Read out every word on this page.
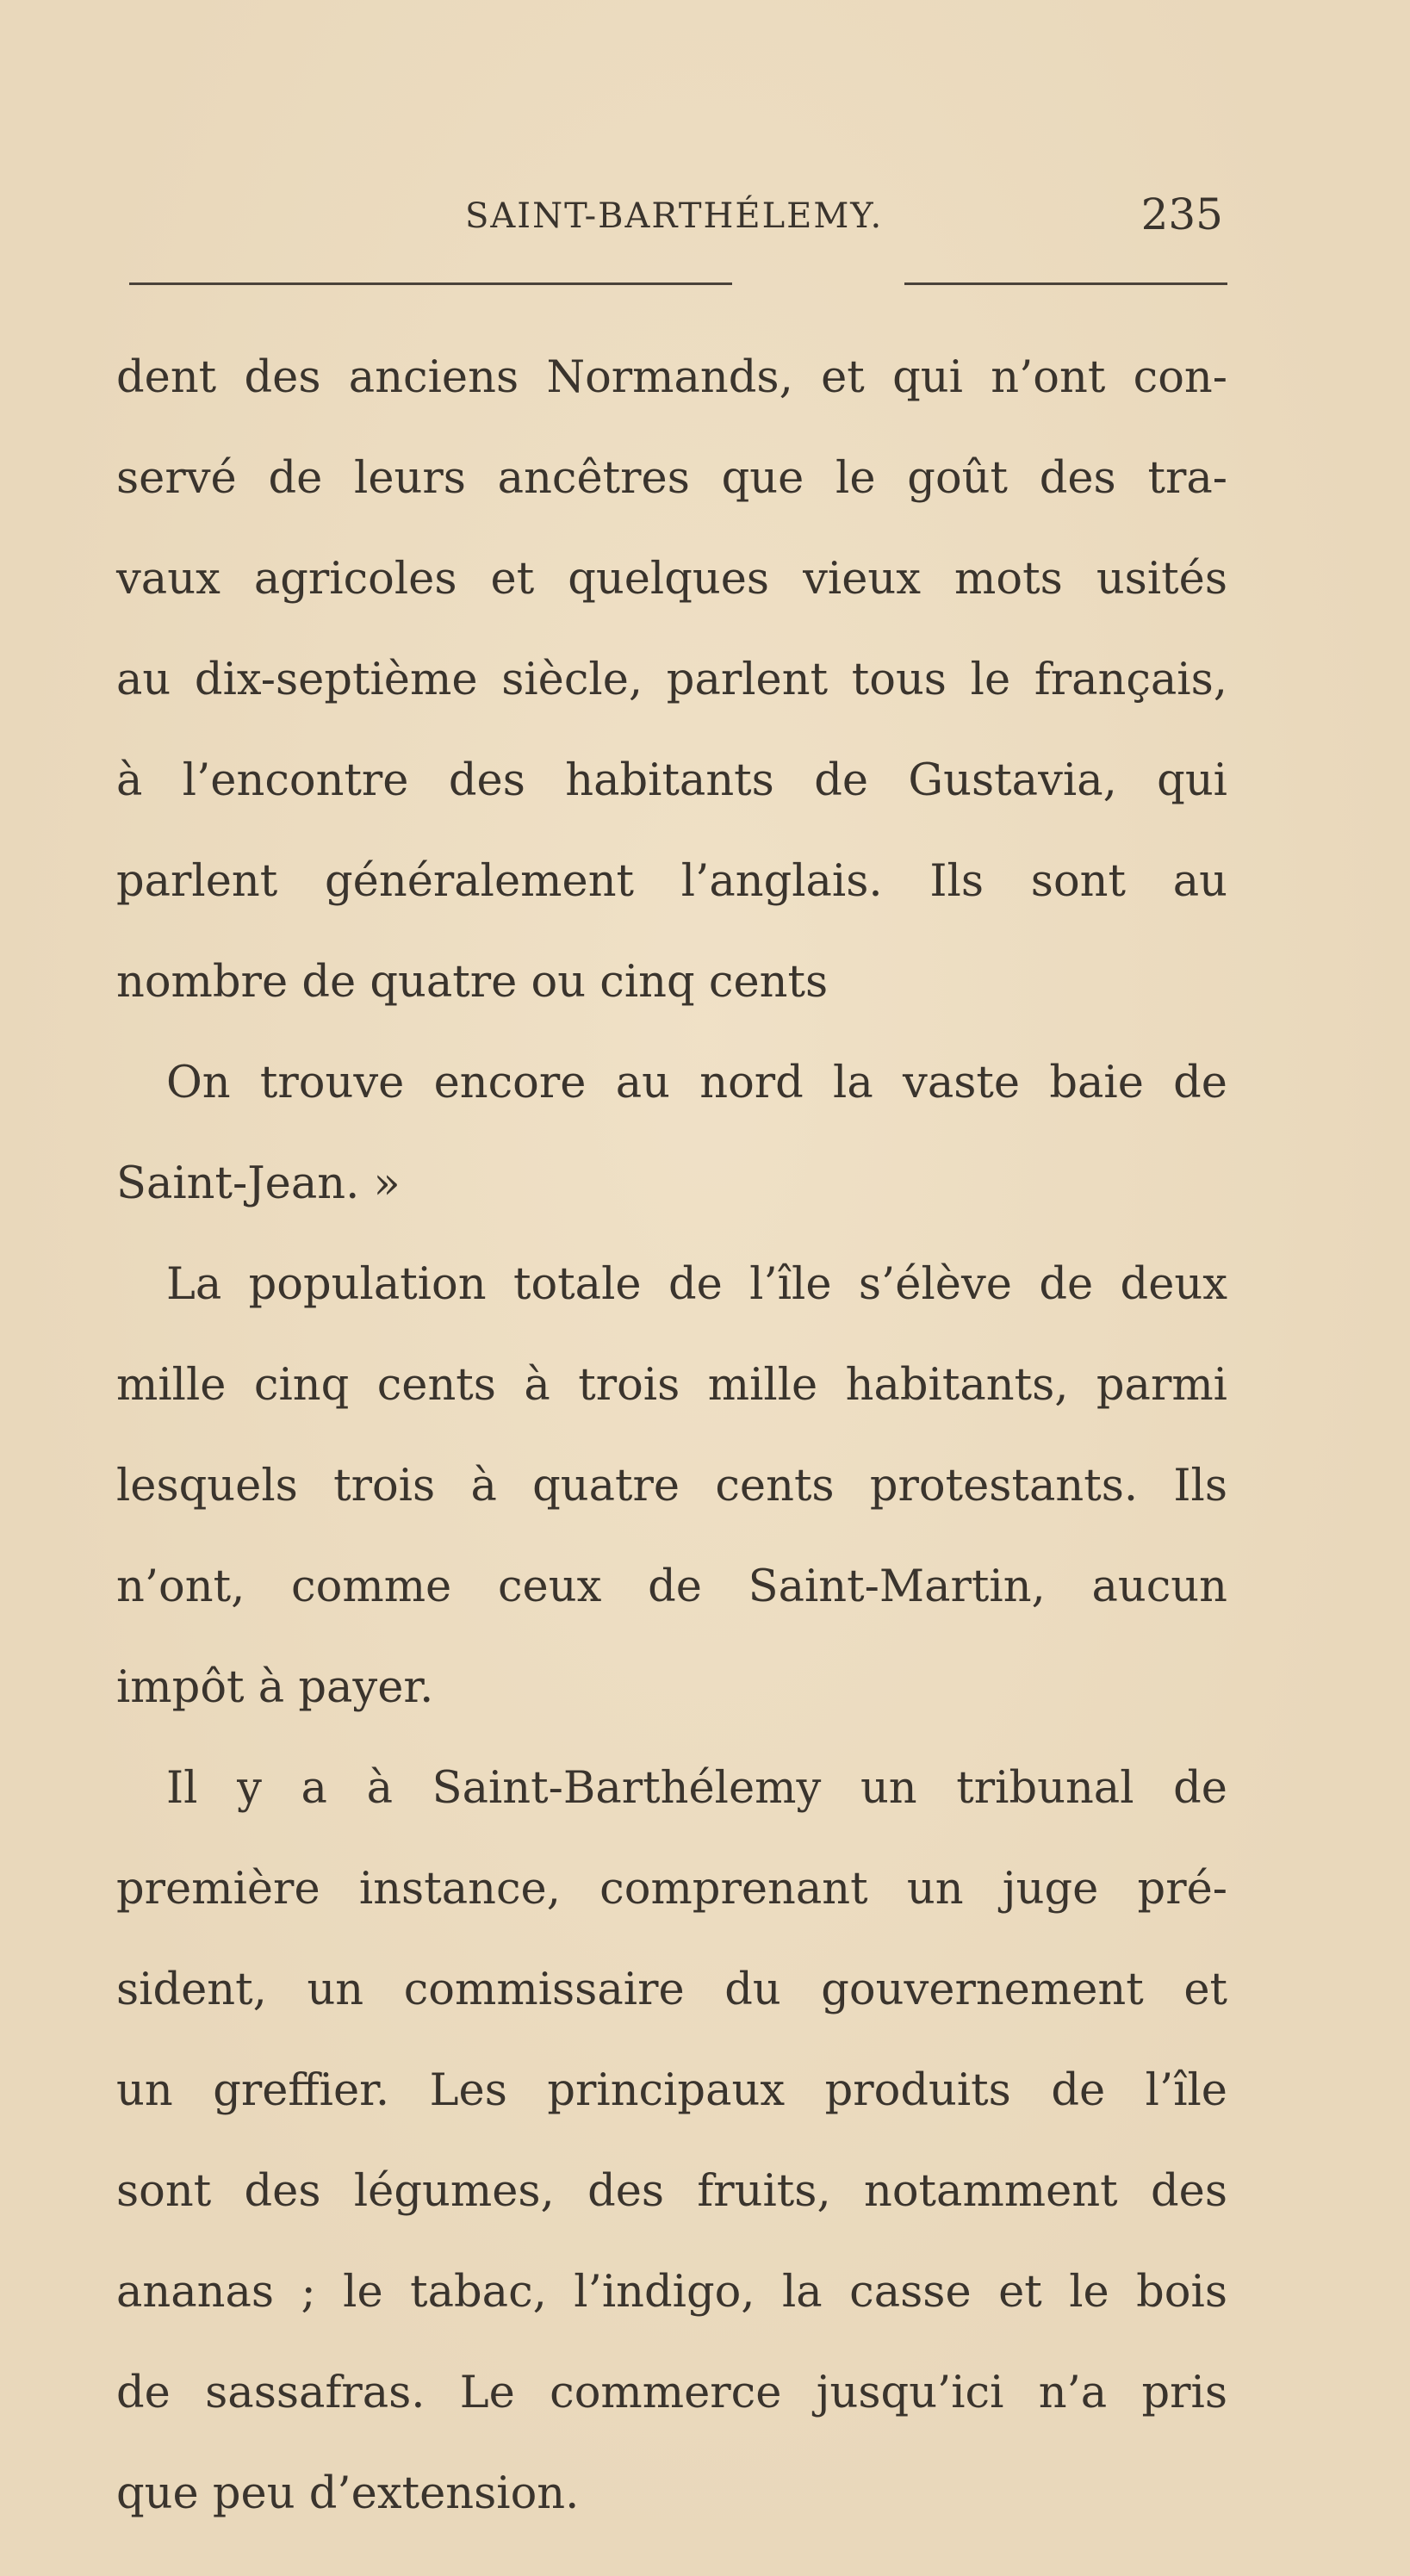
SAINT-BARTHÉLEMY.	235
dent des anciens Normands, et qui n’ont con-
servé de leurs ancêtres que le goût des tra-
vaux agricoles et quelques vieux mots usités
au dix-septième siècle, parlent tous le français,
à l’encontre des habitants de Gustavia, qui
parlent généralement l’anglais. Ils sont au
nombre de quatre ou cinq cents
On trouve encore au nord la vaste baie de
Saint-Jean. »
La population totale de l’île s’élève de deux
mille cinq cents à trois mille habitants, parmi
lesquels trois à quatre cents protestants. Ils
n’ont, comme ceux de Saint-Martin, aucun
impôt à payer.
Il y a à Saint-Barthélemy un tribunal de
première instance, comprenant un juge pré-
sident, un commissaire du gouvernement et
un greffier. Les principaux produits de l’île
sont des légumes, des fruits, notamment des
ananas ; le tabac, l’indigo, la casse et le bois
de sassafras. Le commerce jusqu’ici n’a pris
que peu d’extension.
